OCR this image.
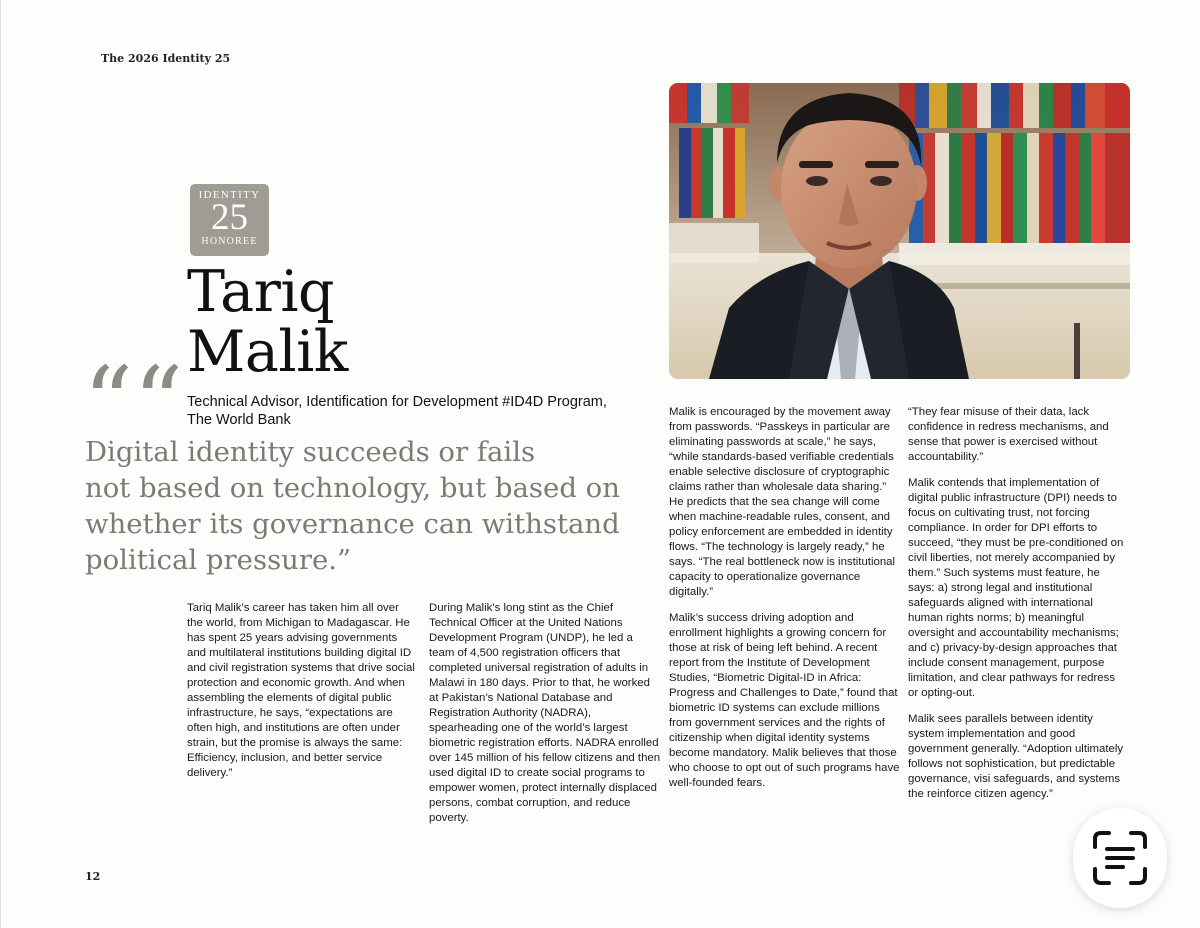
The 2026 Identity 25
IDENTITY
25
HONOREE
Tariq
Malik
““ Technical Advisor, Identification for Development #ID4D Program,
The World Bank
Digital identity succeeds or fails
not based on technology, but based on
whether its governance can withstand
political pressure.”

Tariq Malik’s career has taken him all over the world, from Michigan to Madagascar. He has spent 25 years advising governments and multilateral institutions building digital ID and civil registration systems that drive social protection and economic growth. And when assembling the elements of digital public infrastructure, he says, “expectations are often high, and institutions are often under strain, but the promise is always the same: Efficiency, inclusion, and better service delivery.”

During Malik’s long stint as the Chief Technical Officer at the United Nations Development Program (UNDP), he led a team of 4,500 registration officers that completed universal registration of adults in Malawi in 180 days. Prior to that, he worked at Pakistan’s National Database and Registration Authority (NADRA), spearheading one of the world’s largest biometric registration efforts. NADRA enrolled over 145 million of his fellow citizens and then used digital ID to create social programs to empower women, protect internally displaced persons, combat corruption, and reduce poverty.

Malik is encouraged by the movement away from passwords. “Passkeys in particular are eliminating passwords at scale,” he says, “while standards-based verifiable credentials enable selective disclosure of cryptographic claims rather than wholesale data sharing.” He predicts that the sea change will come when machine-readable rules, consent, and policy enforcement are embedded in identity flows. “The technology is largely ready,” he says. “The real bottleneck now is institutional capacity to operationalize governance digitally.”

Malik’s success driving adoption and enrollment highlights a growing concern for those at risk of being left behind. A recent report from the Institute of Development Studies, “Biometric Digital-ID in Africa: Progress and Challenges to Date,” found that biometric ID systems can exclude millions from government services and the rights of citizenship when digital identity systems become mandatory. Malik believes that those who choose to opt out of such programs have well-founded fears.

“They fear misuse of their data, lack confidence in redress mechanisms, and sense that power is exercised without accountability.”

Malik contends that implementation of digital public infrastructure (DPI) needs to focus on cultivating trust, not forcing compliance. In order for DPI efforts to succeed, “they must be pre-conditioned on civil liberties, not merely accompanied by them.” Such systems must feature, he says: a) strong legal and institutional safeguards aligned with international human rights norms; b) meaningful oversight and accountability mechanisms; and c) privacy-by-design approaches that include consent management, purpose limitation, and clear pathways for redress or opting-out.

Malik sees parallels between identity system implementation and good government generally. “Adoption ultimately follows not sophistication, but predictable governance, visi safeguards, and systems the reinforce citizen agency.”

12
